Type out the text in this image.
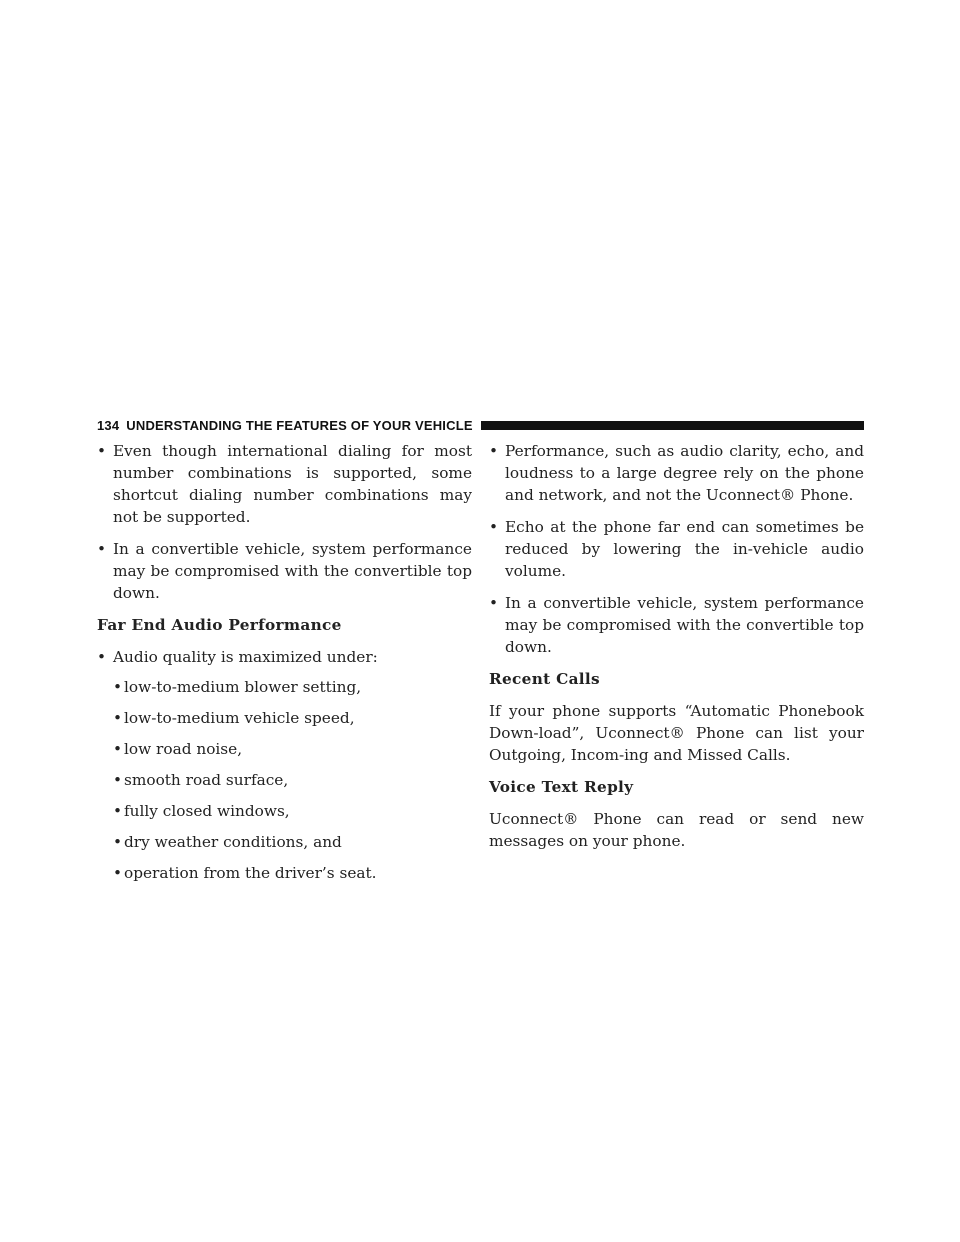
134 UNDERSTANDING THE FEATURES OF YOUR VEHICLE
• Even though international dialing for most number combinations is supported, some shortcut dialing number combinations may not be supported.
• In a convertible vehicle, system performance may be compromised with the convertible top down.
Far End Audio Performance
• Audio quality is maximized under:
• low-to-medium blower setting,
• low-to-medium vehicle speed,
• low road noise,
• smooth road surface,
• fully closed windows,
• dry weather conditions, and
• operation from the driver’s seat.
• Performance, such as audio clarity, echo, and loudness to a large degree rely on the phone and network, and not the Uconnect® Phone.
• Echo at the phone far end can sometimes be reduced by lowering the in-vehicle audio volume.
• In a convertible vehicle, system performance may be compromised with the convertible top down.
Recent Calls
If your phone supports “Automatic Phonebook Down-load”, Uconnect® Phone can list your Outgoing, Incom-ing and Missed Calls.
Voice Text Reply
Uconnect® Phone can read or send new messages on your phone.
